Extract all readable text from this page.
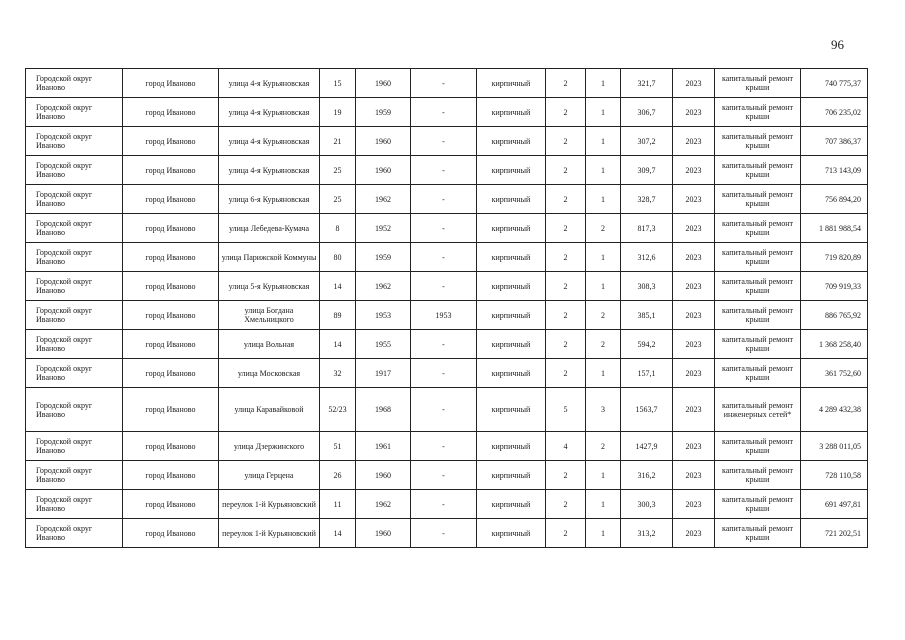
96
Городской округ Иваново	город Иваново	улица 4-я Курьяновская	15	1960	-	кирпичный	2	1	321,7	2023	капитальный ремонт крыши	740 775,37
Городской округ Иваново	город Иваново	улица 4-я Курьяновская	19	1959	-	кирпичный	2	1	306,7	2023	капитальный ремонт крыши	706 235,02
Городской округ Иваново	город Иваново	улица 4-я Курьяновская	21	1960	-	кирпичный	2	1	307,2	2023	капитальный ремонт крыши	707 386,37
Городской округ Иваново	город Иваново	улица 4-я Курьяновская	25	1960	-	кирпичный	2	1	309,7	2023	капитальный ремонт крыши	713 143,09
Городской округ Иваново	город Иваново	улица 6-я Курьяновская	25	1962	-	кирпичный	2	1	328,7	2023	капитальный ремонт крыши	756 894,20
Городской округ Иваново	город Иваново	улица Лебедева-Кумача	8	1952	-	кирпичный	2	2	817,3	2023	капитальный ремонт крыши	1 881 988,54
Городской округ Иваново	город Иваново	улица Парижской Коммуны	80	1959	-	кирпичный	2	1	312,6	2023	капитальный ремонт крыши	719 820,89
Городской округ Иваново	город Иваново	улица 5-я Курьяновская	14	1962	-	кирпичный	2	1	308,3	2023	капитальный ремонт крыши	709 919,33
Городской округ Иваново	город Иваново	улица Богдана Хмельницкого	89	1953	1953	кирпичный	2	2	385,1	2023	капитальный ремонт крыши	886 765,92
Городской округ Иваново	город Иваново	улица Вольная	14	1955	-	кирпичный	2	2	594,2	2023	капитальный ремонт крыши	1 368 258,40
Городской округ Иваново	город Иваново	улица Московская	32	1917	-	кирпичный	2	1	157,1	2023	капитальный ремонт крыши	361 752,60
Городской округ Иваново	город Иваново	улица Каравайковой	52/23	1968	-	кирпичный	5	3	1563,7	2023	капитальный ремонт инженерных сетей*	4 289 432,38
Городской округ Иваново	город Иваново	улица Дзержинского	51	1961	-	кирпичный	4	2	1427,9	2023	капитальный ремонт крыши	3 288 011,05
Городской округ Иваново	город Иваново	улица Герцена	26	1960	-	кирпичный	2	1	316,2	2023	капитальный ремонт крыши	728 110,58
Городской округ Иваново	город Иваново	переулок 1-й Курьяновский	11	1962	-	кирпичный	2	1	300,3	2023	капитальный ремонт крыши	691 497,81
Городской округ Иваново	город Иваново	переулок 1-й Курьяновский	14	1960	-	кирпичный	2	1	313,2	2023	капитальный ремонт крыши	721 202,51
